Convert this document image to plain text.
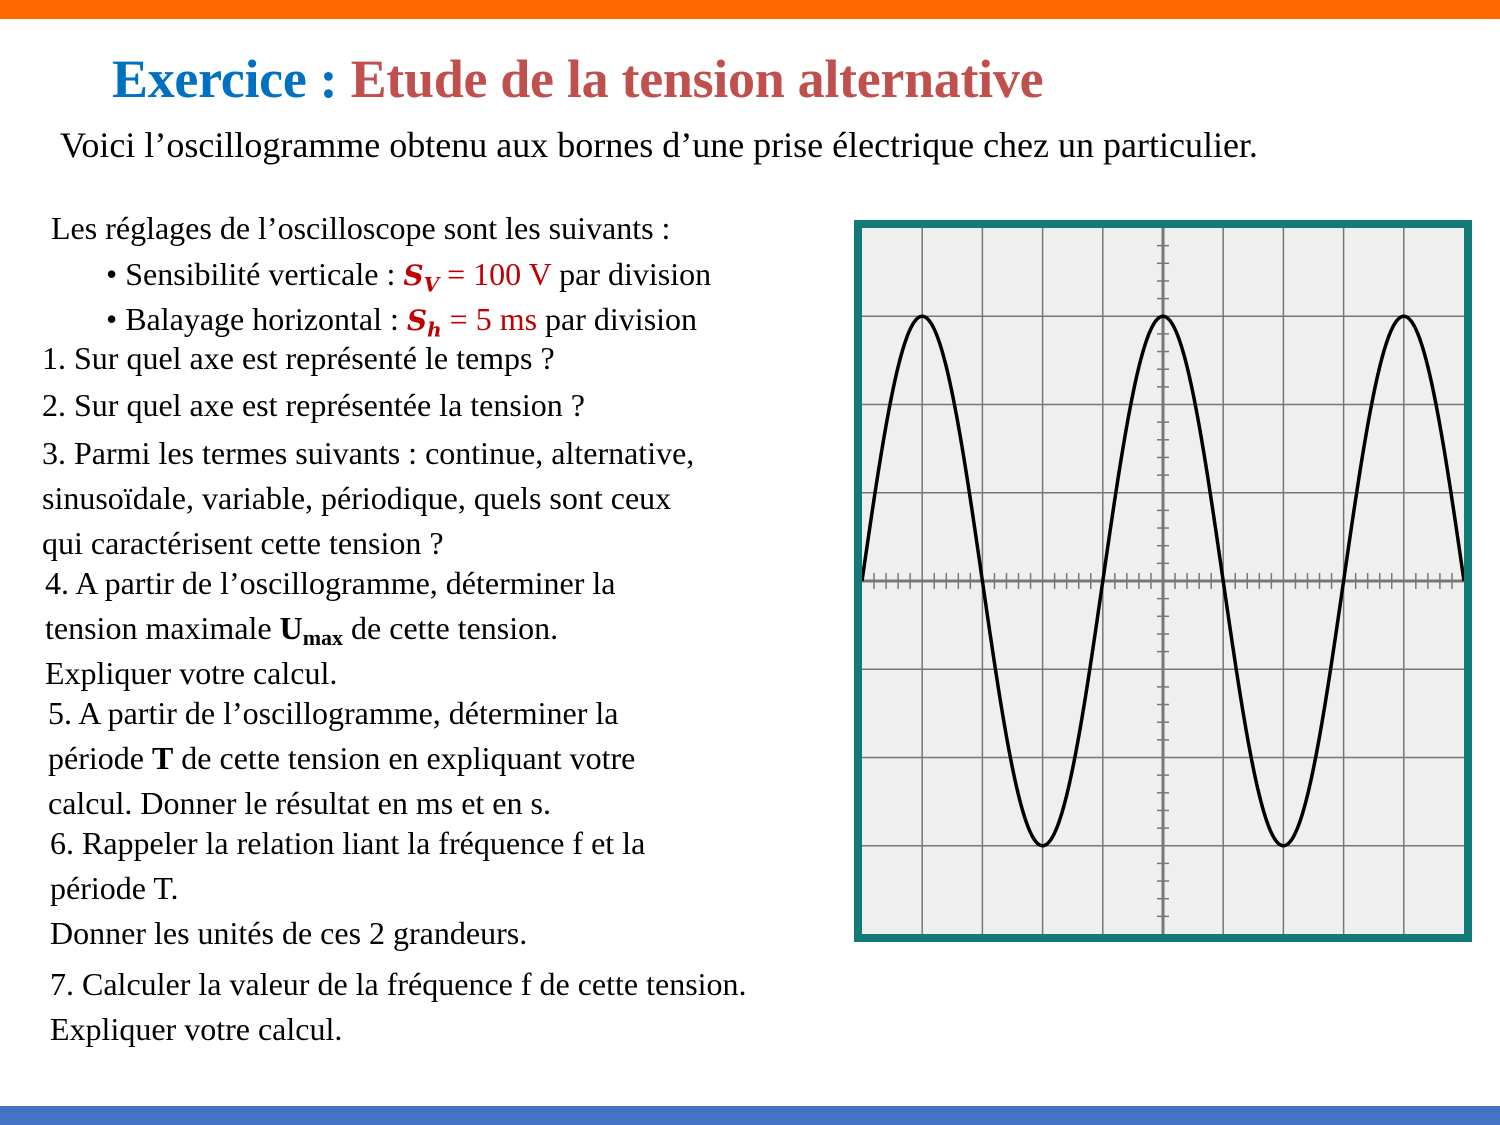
Exercice : Etude de la tension alternative
Voici l’oscillogramme obtenu aux bornes d’une prise électrique chez un particulier.
Les réglages de l’oscilloscope sont les suivants :
• Sensibilité verticale : $S_V = 100$ V par division
• Balayage horizontal : $S_h = 5$ ms par division
1. Sur quel axe est représenté le temps ?
2. Sur quel axe est représentée la tension ?
3. Parmi les termes suivants : continue, alternative,
sinusoïdale, variable, périodique, quels sont ceux
qui caractérisent cette tension ?
4. A partir de l’oscillogramme, déterminer la
tension maximale Umax de cette tension.
Expliquer votre calcul.
5. A partir de l’oscillogramme, déterminer la
période T de cette tension en expliquant votre
calcul. Donner le résultat en ms et en s.
6. Rappeler la relation liant la fréquence f et la
période T.
Donner les unités de ces 2 grandeurs.
7. Calculer la valeur de la fréquence f de cette tension.
Expliquer votre calcul.
